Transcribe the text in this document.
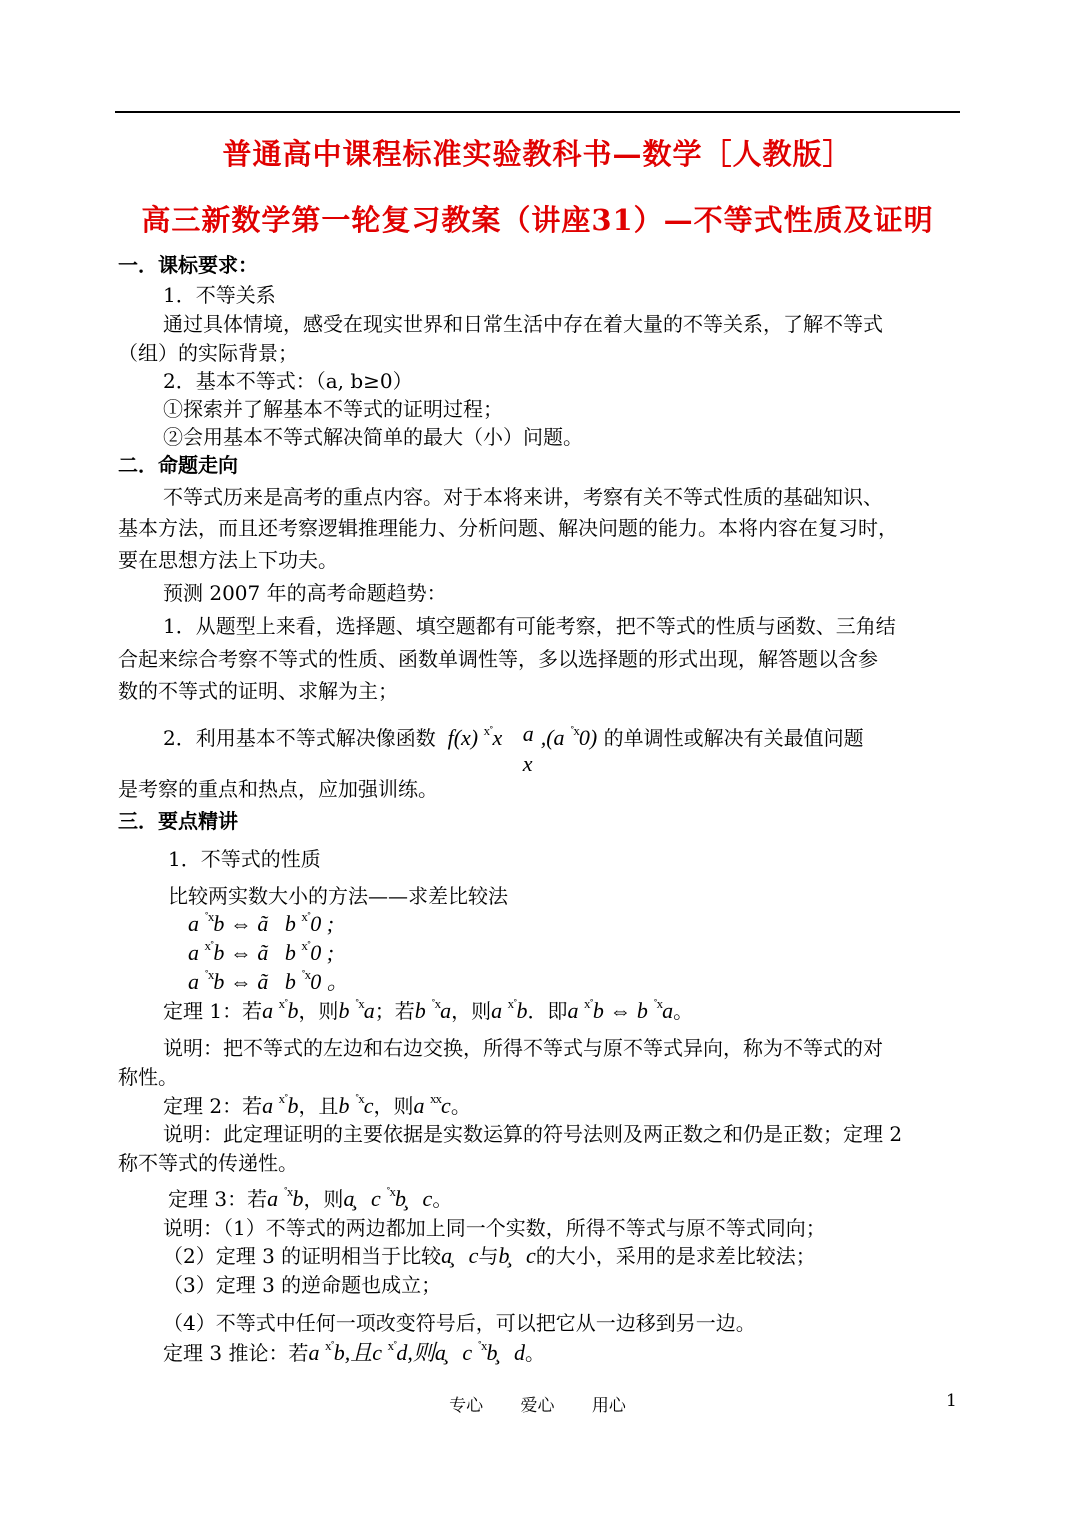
普通高中课程标准实验教科书—数学［人教版］
高三新数学第一轮复习教案（讲座31）—不等式性质及证明
一．课标要求：
1．不等关系
通过具体情境，感受在现实世界和日常生活中存在着大量的不等关系，了解不等式
（组）的实际背景；
2．基本不等式：（a, b≥0）
①探索并了解基本不等式的证明过程；
②会用基本不等式解决简单的最大（小）问题。
二．命题走向
不等式历来是高考的重点内容。对于本将来讲，考察有关不等式性质的基础知识、
基本方法，而且还考察逻辑推理能力、分析问题、解决问题的能力。本将内容在复习时，
要在思想方法上下功夫。
预测 2007 年的高考命题趋势：
1．从题型上来看，选择题、填空题都有可能考察，把不等式的性质与函数、三角结
合起来综合考察不等式的性质、函数单调性等，多以选择题的形式出现，解答题以含参
数的不等式的证明、求解为主；
2．利用基本不等式解决像函数  f(x) $^{x˚}$x a
x
,(a $^{˚x}$0) 的单调性或解决有关最值问题
是考察的重点和热点，应加强训练。
三．要点精讲
1．不等式的性质
比较两实数大小的方法——求差比较法
a $^{˚x}$b ⇔ ã   b $^{x˚}$0 ;
a $^{x˚}$b ⇔ ã   b $^{x˚}$0 ;
a $^{˚x}$b ⇔ ã   b $^{˚x}$0 。
定理 1：若a $^{x˚}$b，则b $^{˚x}$a；若b $^{˚x}$a，则a $^{x˚}$b．即a $^{x˚}$b ⇔ b $^{˚x}$a。
说明：把不等式的左边和右边交换，所得不等式与原不等式异向，称为不等式的对
称性。
定理 2：若a $^{x˚}$b，且b $^{˚x}$c，则a $^{xx}$c。
说明：此定理证明的主要依据是实数运算的符号法则及两正数之和仍是正数；定理 2
称不等式的传递性。
定理 3：若a $^{˚x}$b，则a̧   c $^{˚x}$b̧   c。
说明：（1）不等式的两边都加上同一个实数，所得不等式与原不等式同向；
（2）定理 3 的证明相当于比较a̧   c与b̧   c的大小，采用的是求差比较法；
（3）定理 3 的逆命题也成立；
（4）不等式中任何一项改变符号后，可以把它从一边移到另一边。
定理 3 推论：若a $^{x˚}$b,且c $^{x˚}$d,则a̧   c $^{˚x}$b̧   d。
专心 爱心 用心	1
